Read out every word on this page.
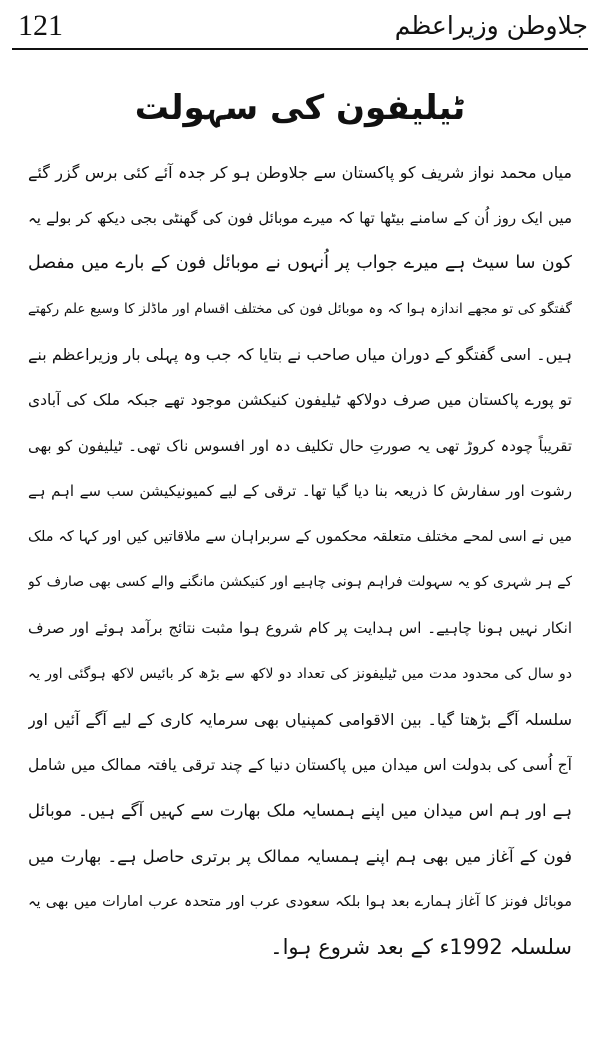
121	جلاوطن وزیراعظم
ٹیلیفون کی سہولت
میاں محمد نواز شریف کو پاکستان سے جلاوطن ہو کر جدہ آئے کئی برس گزر گئے
میں ایک روز اُن کے سامنے بیٹھا تھا کہ میرے موبائل فون کی گھنٹی بجی دیکھ کر بولے یہ
کون سا سیٹ ہے میرے جواب پر اُنہوں نے موبائل فون کے بارے میں مفصل
گفتگو کی تو مجھے اندازہ ہوا کہ وہ موبائل فون کی مختلف اقسام اور ماڈلز کا وسیع علم رکھتے
ہیں۔ اسی گفتگو کے دوران میاں صاحب نے بتایا کہ جب وہ پہلی بار وزیراعظم بنے
تو پورے پاکستان میں صرف دولاکھ ٹیلیفون کنیکشن موجود تھے جبکہ ملک کی آبادی
تقریباً چودہ کروڑ تھی یہ صورتِ حال تکلیف دہ اور افسوس ناک تھی۔ ٹیلیفون کو بھی
رشوت اور سفارش کا ذریعہ بنا دیا گیا تھا۔ ترقی کے لیے کمیونیکیشن سب سے اہم ہے
میں نے اسی لمحے مختلف متعلقہ محکموں کے سربراہان سے ملاقاتیں کیں اور کہا کہ ملک
کے ہر شہری کو یہ سہولت فراہم ہونی چاہیے اور کنیکشن مانگنے والے کسی بھی صارف کو
انکار نہیں ہونا چاہیے۔ اس ہدایت پر کام شروع ہوا مثبت نتائج برآمد ہوئے اور صرف
دو سال کی محدود مدت میں ٹیلیفونز کی تعداد دو لاکھ سے بڑھ کر بائیس لاکھ ہوگئی اور یہ
سلسلہ آگے بڑھتا گیا۔ بین الاقوامی کمپنیاں بھی سرمایہ کاری کے لیے آگے آئیں اور
آج اُسی کی بدولت اس میدان میں پاکستان دنیا کے چند ترقی یافتہ ممالک میں شامل
ہے اور ہم اس میدان میں اپنے ہمسایہ ملک بھارت سے کہیں آگے ہیں۔ موبائل
فون کے آغاز میں بھی ہم اپنے ہمسایہ ممالک پر برتری حاصل ہے۔ بھارت میں
موبائل فونز کا آغاز ہمارے بعد ہوا بلکہ سعودی عرب اور متحدہ عرب امارات میں بھی یہ
سلسلہ 1992ء کے بعد شروع ہوا۔
